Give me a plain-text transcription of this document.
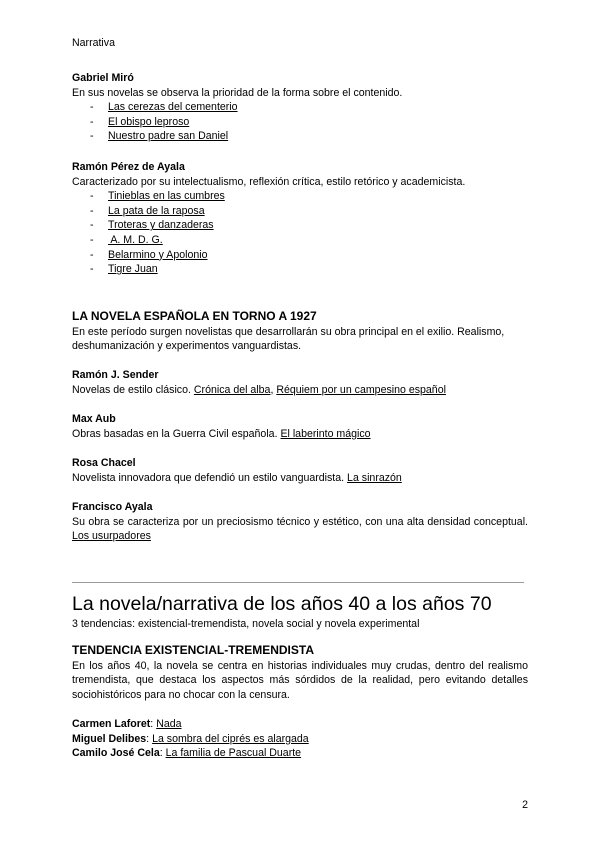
Narrativa

Gabriel Miró

En sus novelas se observa la prioridad de la forma sobre el contenido.

- Las cerezas del cementerio
- El obispo leproso
- Nuestro padre san Daniel

Ramón Pérez de Ayala

Caracterizado por su intelectualismo, reflexión crítica, estilo retórico y academicista.

- Tinieblas en las cumbres
- La pata de la raposa
- Troteras y danzaderas
-  A. M. D. G.
- Belarmino y Apolonio
- Tigre Juan

LA NOVELA ESPAÑOLA EN TORNO A 1927

En este período surgen novelistas que desarrollarán su obra principal en el exilio. Realismo, deshumanización y experimentos vanguardistas.

Ramón J. Sender

Novelas de estilo clásico. Crónica del alba, Réquiem por un campesino español

Max Aub

Obras basadas en la Guerra Civil española. El laberinto mágico

Rosa Chacel

Novelista innovadora que defendió un estilo vanguardista. La sinrazón

Francisco Ayala

Su obra se caracteriza por un preciosismo técnico y estético, con una alta densidad conceptual. Los usurpadores

La novela/narrativa de los años 40 a los años 70

3 tendencias: existencial-tremendista, novela social y novela experimental

TENDENCIA EXISTENCIAL-TREMENDISTA

En los años 40, la novela se centra en historias individuales muy crudas, dentro del realismo tremendista, que destaca los aspectos más sórdidos de la realidad, pero evitando detalles sociohistóricos para no chocar con la censura.

Carmen Laforet: Nada

Miguel Delibes: La sombra del ciprés es alargada

Camilo José Cela: La familia de Pascual Duarte

2
